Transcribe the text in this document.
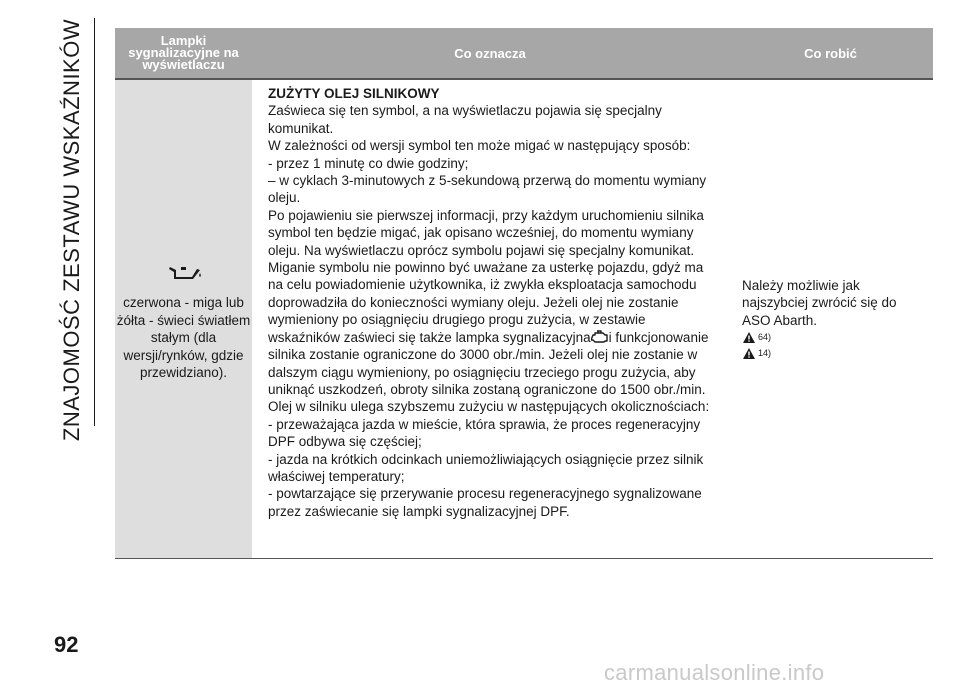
ZNAJOMOŚĆ ZESTAWU WSKAŹNIKÓW	Lampki sygnalizacyjne na wyświetlaczu
Co oznacza	Co robić
czerwona - miga lub żółta - świeci światłem stałym (dla wersji/rynków, gdzie przewidziano).
ZUŻYTY OLEJ SILNIKOWY

Zaświeca się ten symbol, a na wyświetlaczu pojawia się specjalny komunikat.

W zależności od wersji symbol ten może migać w następujący sposób:

- przez 1 minutę co dwie godziny;

– w cyklach 3-minutowych z 5-sekundową przerwą do momentu wymiany oleju.

Po pojawieniu sie pierwszej informacji, przy każdym uruchomieniu silnika symbol ten będzie migać, jak opisano wcześniej, do momentu wymiany oleju. Na wyświetlaczu oprócz symbolu pojawi się specjalny komunikat. Miganie symbolu nie powinno być uważane za usterkę pojazdu, gdyż ma na celu powiadomienie użytkownika, iż zwykła eksploatacja samochodu doprowadziła do konieczności wymiany oleju. Jeżeli olej nie zostanie wymieniony po osiągnięciu drugiego progu zużycia, w zestawie wskaźników zaświeci się także lampka sygnalizacyjna i funkcjonowanie silnika zostanie ograniczone do 3000 obr./min. Jeżeli olej nie zostanie w dalszym ciągu wymieniony, po osiągnięciu trzeciego progu zużycia, aby uniknąć uszkodzeń, obroty silnika zostaną ograniczone do 1500 obr./min. Olej w silniku ulega szybszemu zużyciu w następujących okolicznościach:

- przeważająca jazda w mieście, która sprawia, że proces regeneracyjny DPF odbywa się częściej;

- jazda na krótkich odcinkach uniemożliwiających osiągnięcie przez silnik właściwej temperatury;

- powtarzające się przerywanie procesu regeneracyjnego sygnalizowane przez zaświecanie się lampki sygnalizacyjnej DPF.

Należy możliwie jak najszybciej zwrócić się do ASO Abarth.
64)
14)
92
carmanualsonline.info
